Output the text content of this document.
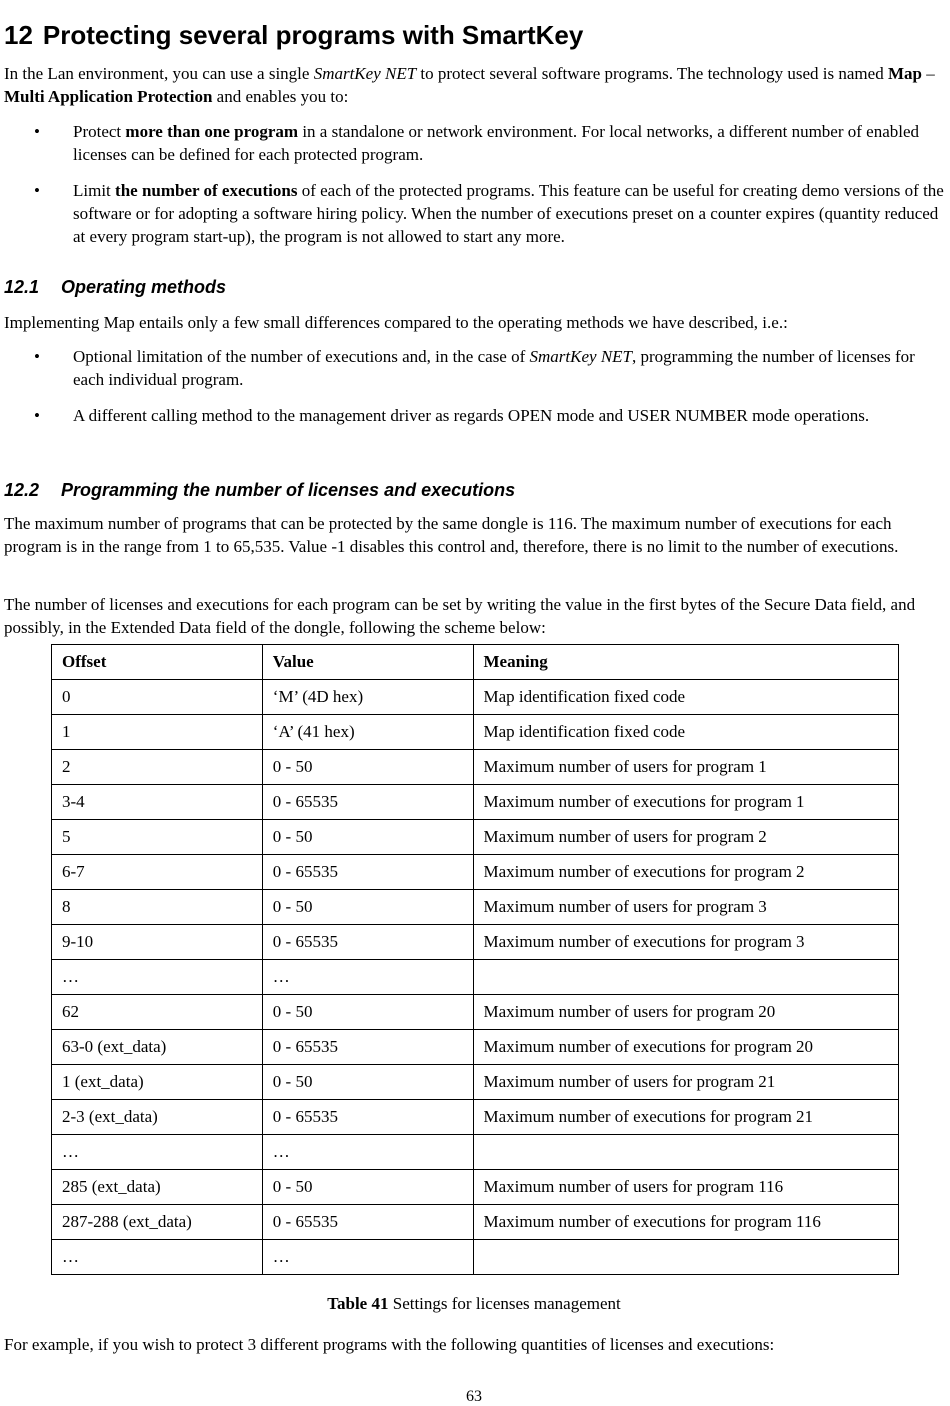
12 Protecting several programs with SmartKey

In the Lan environment, you can use a single SmartKey NET to protect several software programs. The technology used is named Map – Multi Application Protection and enables you to:

• Protect more than one program in a standalone or network environment. For local networks, a different number of enabled licenses can be defined for each protected program.
• Limit the number of executions of each of the protected programs. This feature can be useful for creating demo versions of the software or for adopting a software hiring policy. When the number of executions preset on a counter expires (quantity reduced at every program start-up), the program is not allowed to start any more.
12.1 Operating methods

Implementing Map entails only a few small differences compared to the operating methods we have described, i.e.:

• Optional limitation of the number of executions and, in the case of SmartKey NET, programming the number of licenses for each individual program.
• A different calling method to the management driver as regards OPEN mode and USER NUMBER mode operations.
12.2 Programming the number of licenses and executions

The maximum number of programs that can be protected by the same dongle is 116. The maximum number of executions for each program is in the range from 1 to 65,535. Value -1 disables this control and, therefore, there is no limit to the number of executions.

The number of licenses and executions for each program can be set by writing the value in the first bytes of the Secure Data field, and possibly, in the Extended Data field of the dongle, following the scheme below:

Offset	Value	Meaning
0	‘M’ (4D hex)	Map identification fixed code
1	‘A’ (41 hex)	Map identification fixed code
2	0 - 50	Maximum number of users for program 1
3-4	0 - 65535	Maximum number of executions for program 1
5	0 - 50	Maximum number of users for program 2
6-7	0 - 65535	Maximum number of executions for program 2
8	0 - 50	Maximum number of users for program 3
9-10	0 - 65535	Maximum number of executions for program 3
…	…	
62	0 - 50	Maximum number of users for program 20
63-0 (ext_data)	0 - 65535	Maximum number of executions for program 20
1 (ext_data)	0 - 50	Maximum number of users for program 21
2-3 (ext_data)	0 - 65535	Maximum number of executions for program 21
…	…	
285 (ext_data)	0 - 50	Maximum number of users for program 116
287-288 (ext_data)	0 - 65535	Maximum number of executions for program 116
…	…	
Table 41 Settings for licenses management

For example, if you wish to protect 3 different programs with the following quantities of licenses and executions:

63
